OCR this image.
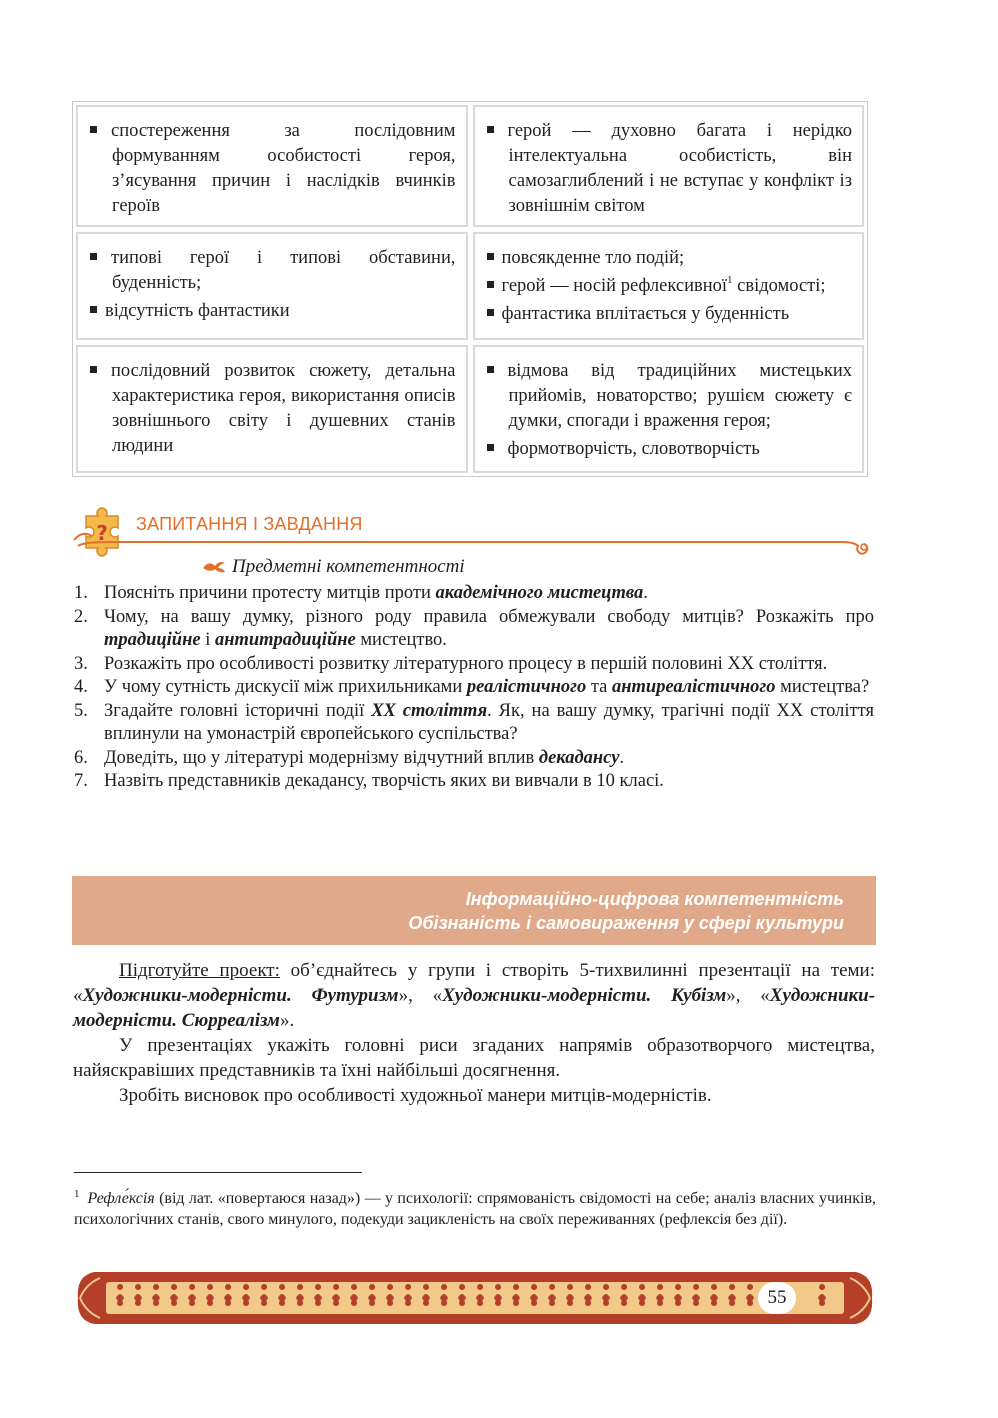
спостереження за послідовним формуванням особистості героя, з’ясування причин і наслідків вчинків героїв
герой — духовно багата і нерідко інтелектуальна особистість, він самозаглиблений і не вступає у конфлікт із зовнішнім світом
типові герої і типові обставини, буденність;
відсутність фантастики
повсякденне тло подій;
герой — носій рефлексивної$^1$ свідомості;
фантастика вплітається у буденність
послідовний розвиток сюжету, детальна характеристика героя, використання описів зовнішнього світу і душевних станів людини
відмова від традиційних мистецьких прийомів, новаторство; рушієм сюжету є думки, спогади і враження героя;
формотворчість, словотворчість
? ЗАПИТАННЯ І ЗАВДАННЯ
Предметні компетентності
1. Поясніть причини протесту митців проти академічного мистецтва.
2. Чому, на вашу думку, різного роду правила обмежували свободу митців? Розкажіть про традиційне і антитрадиційне мистецтво.
3. Розкажіть про особливості розвитку літературного процесу в першій половині XX століття.
4. У чому сутність дискусії між прихильниками реалістичного та антиреалістичного мистецтва?
5. Згадайте головні історичні події XX століття. Як, на вашу думку, трагічні події XX століття вплинули на умонастрій європейського суспільства?
6. Доведіть, що у літературі модернізму відчутний вплив декадансу.
7. Назвіть представників декадансу, творчість яких ви вивчали в 10 класі.
Інформаційно-цифрова компетентність
Обізнаність і самовираження у сфері культури

Підготуйте проект: об’єднайтесь у групи і створіть 5-тихвилинні презентації на теми: «Художники-модерністи. Футуризм», «Художники-модерністи. Кубізм», «Художники-модерністи. Сюрреалізм».

У презентаціях укажіть головні риси згаданих напрямів образотворчого мистецтва, найяскравіших представників та їхні найбільші досягнення.

Зробіть висновок про особливості художньої манери митців-модерністів.

$^1$ Рефле́ксія (від лат. «повертаюся назад») — у психології: спрямованість свідомості на себе; аналіз власних учинків, психологічних станів, свого минулого, подекуди зацикленість на своїх переживаннях (рефлексія без дії).
55
